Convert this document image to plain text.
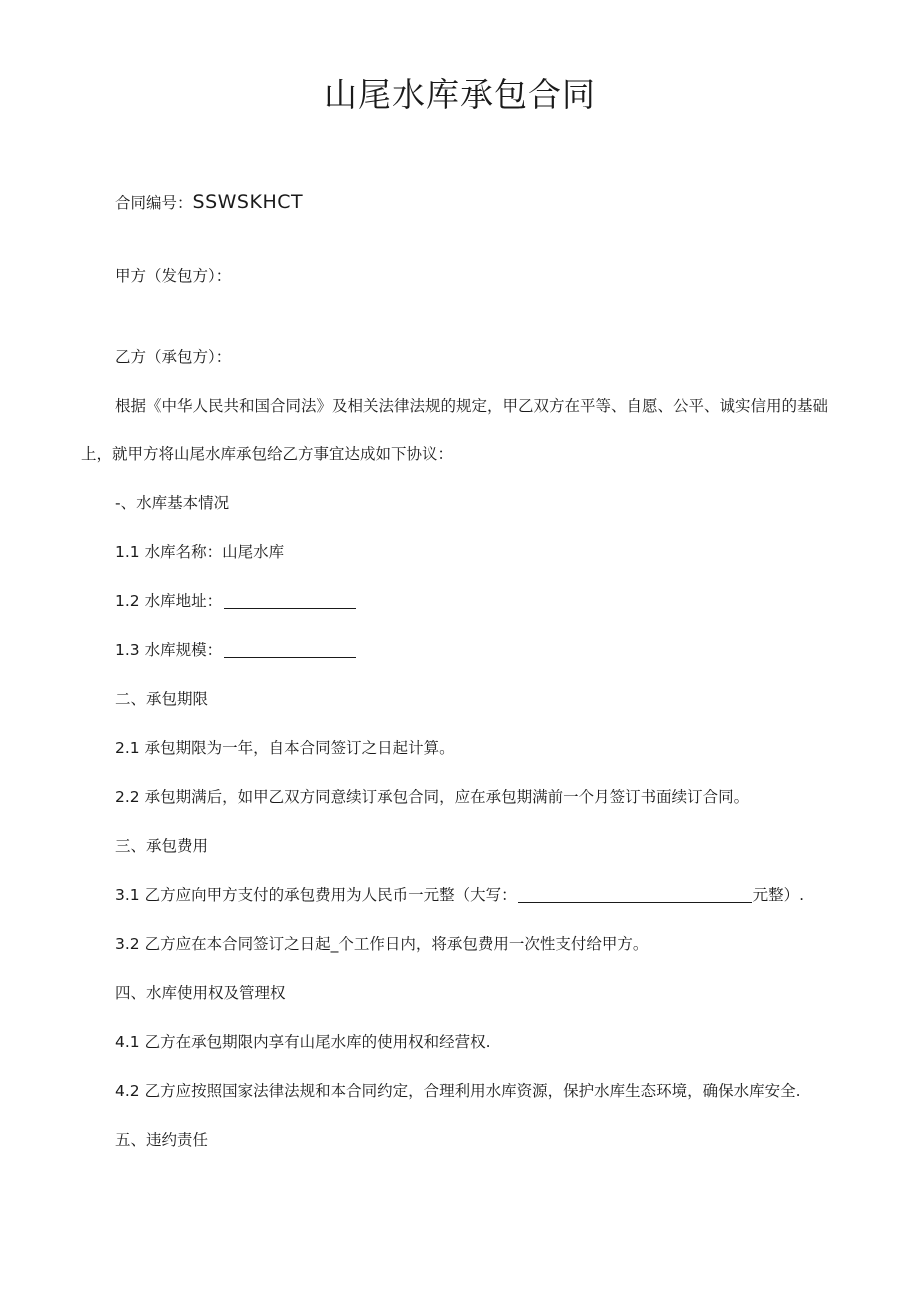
山尾水库承包合同
合同编号：SSWSKHCT
甲方（发包方）：
乙方（承包方）：
根据《中华人民共和国合同法》及相关法律法规的规定，甲乙双方在平等、自愿、公平、诚实信用的基础
上，就甲方将山尾水库承包给乙方事宜达成如下协议：
-、水库基本情况
1.1 水库名称：山尾水库
1.2 水库地址：
1.3 水库规模：
二、承包期限
2.1 承包期限为一年，自本合同签订之日起计算。
2.2 承包期满后，如甲乙双方同意续订承包合同，应在承包期满前一个月签订书面续订合同。
三、承包费用
3.1 乙方应向甲方支付的承包费用为人民币一元整（大写：	元整）.
3.2 乙方应在本合同签订之日起_个工作日内，将承包费用一次性支付给甲方。
四、水库使用权及管理权
4.1 乙方在承包期限内享有山尾水库的使用权和经营权.
4.2 乙方应按照国家法律法规和本合同约定，合理利用水库资源，保护水库生态环境，确保水库安全.
五、违约责任
